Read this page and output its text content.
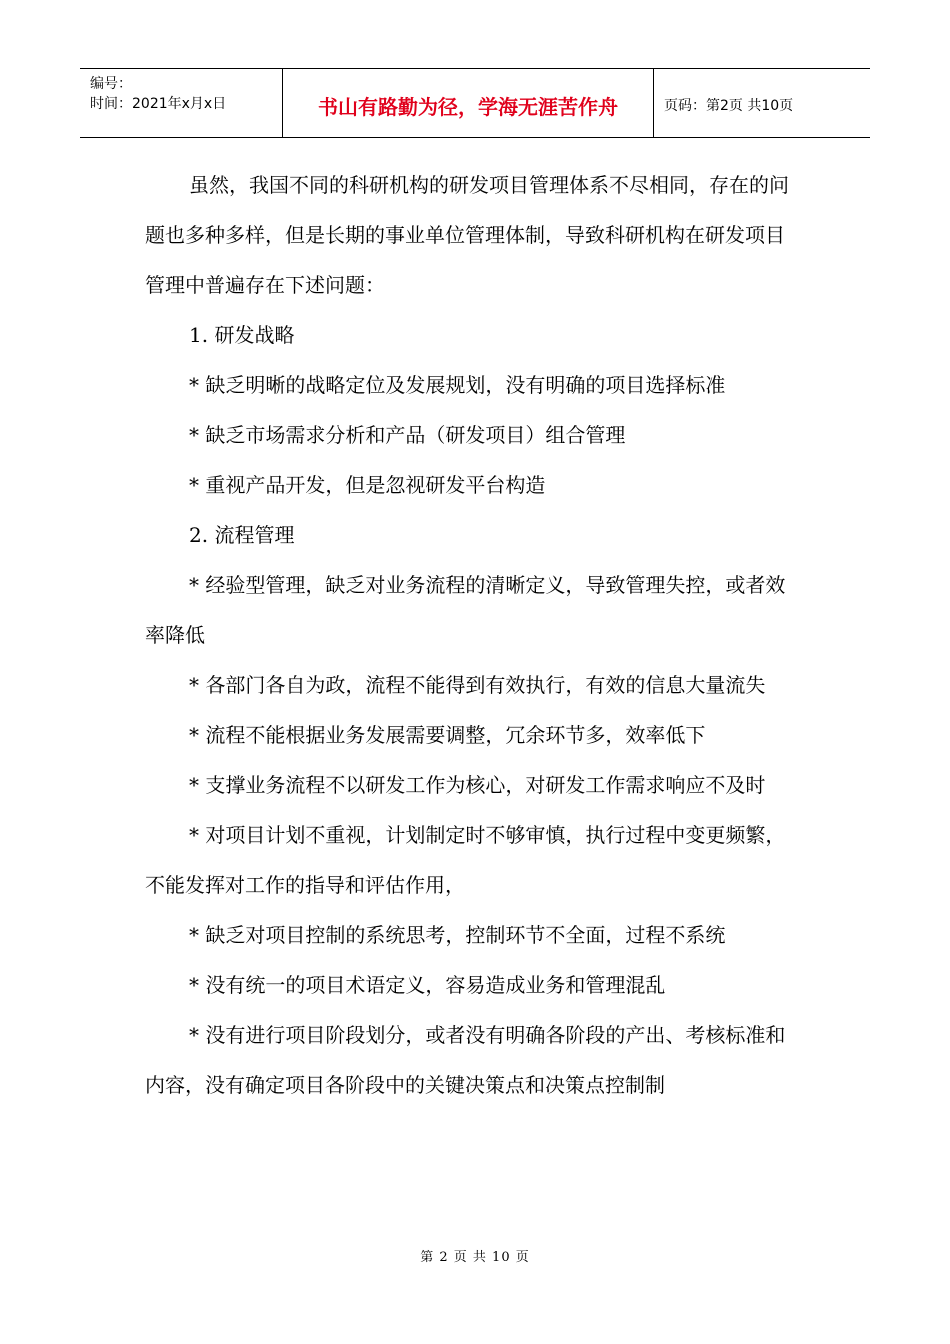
编号：
时间：2021年x月x日	书山有路勤为径，学海无涯苦作舟	页码：第2页 共10页

虽然，我国不同的科研机构的研发项目管理体系不尽相同，存在的问题也多种多样，但是长期的事业单位管理体制，导致科研机构在研发项目管理中普遍存在下述问题：

1. 研发战略

* 缺乏明晰的战略定位及发展规划，没有明确的项目选择标准

* 缺乏市场需求分析和产品（研发项目）组合管理

* 重视产品开发，但是忽视研发平台构造

2. 流程管理

* 经验型管理，缺乏对业务流程的清晰定义，导致管理失控，或者效率降低

* 各部门各自为政，流程不能得到有效执行，有效的信息大量流失

* 流程不能根据业务发展需要调整，冗余环节多，效率低下

* 支撑业务流程不以研发工作为核心，对研发工作需求响应不及时

* 对项目计划不重视，计划制定时不够审慎，执行过程中变更频繁，不能发挥对工作的指导和评估作用，

* 缺乏对项目控制的系统思考，控制环节不全面，过程不系统

* 没有统一的项目术语定义，容易造成业务和管理混乱

* 没有进行项目阶段划分，或者没有明确各阶段的产出、考核标准和内容，没有确定项目各阶段中的关键决策点和决策点控制制

第 2 页 共 10 页
